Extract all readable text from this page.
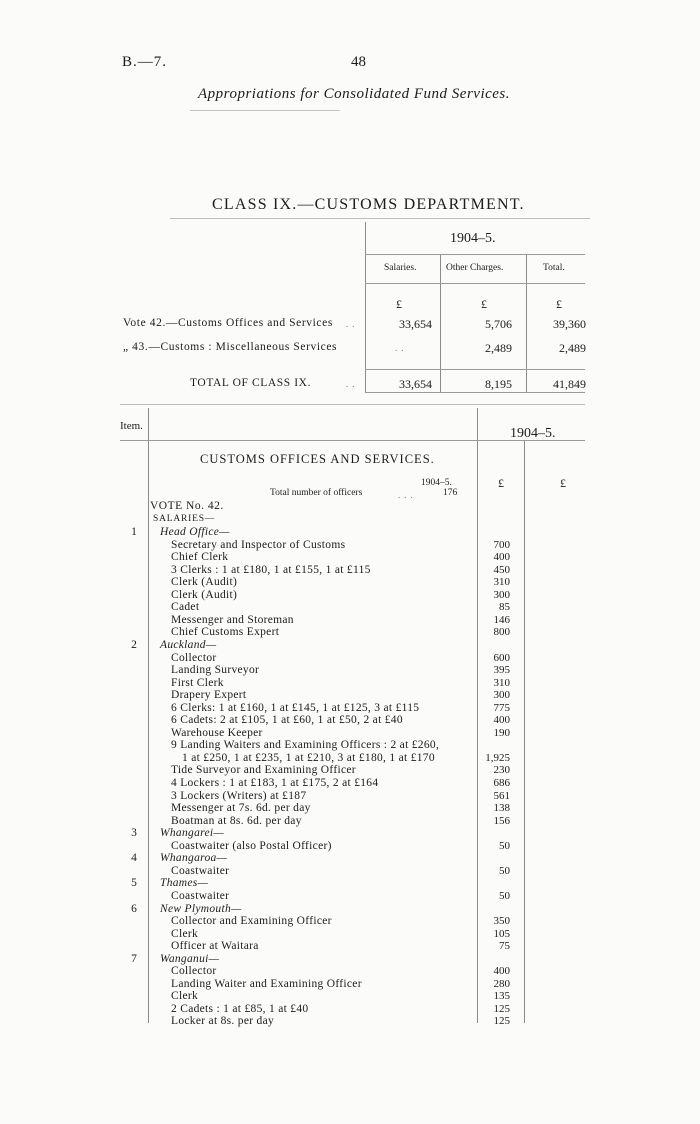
B.—7.	48
Appropriations for Consolidated Fund Services.
CLASS IX.—CUSTOMS DEPARTMENT.
1904–5.
Salaries.	Other Charges.	Total.
£	£	£
Vote 42.—Customs Offices and Services ..	33,654	5,706	39,360
„ 43.—Customs : Miscellaneous Services	..	2,489	2,489
TOTAL OF CLASS IX.	..	33,654	8,195	41,849
Item.	1904–5.
CUSTOMS OFFICES AND SERVICES.
1904–5.
Total number of officers	...	176
£	£
VOTE No. 42.
SALARIES—
1	Head Office—
Secretary and Inspector of Customs	700
Chief Clerk	400
3 Clerks : 1 at £180, 1 at £155, 1 at £115	450
Clerk (Audit)	310
Clerk (Audit)	300
Cadet	85
Messenger and Storeman	146
Chief Customs Expert	800
2	Auckland—
Collector	600
Landing Surveyor	395
First Clerk	310
Drapery Expert	300
6 Clerks: 1 at £160, 1 at £145, 1 at £125, 3 at £115	775
6 Cadets: 2 at £105, 1 at £60, 1 at £50, 2 at £40	400
Warehouse Keeper	190
9 Landing Waiters and Examining Officers : 2 at £260,
1 at £250, 1 at £235, 1 at £210, 3 at £180, 1 at £170	1,925
Tide Surveyor and Examining Officer	230
4 Lockers : 1 at £183, 1 at £175, 2 at £164	686
3 Lockers (Writers) at £187	561
Messenger at 7s. 6d. per day	138
Boatman at 8s. 6d. per day	156
3	Whangarei—
Coastwaiter (also Postal Officer)	50
4	Whangaroa—
Coastwaiter	50
5	Thames—
Coastwaiter	50
6	New Plymouth—
Collector and Examining Officer	350
Clerk	105
Officer at Waitara	75
7	Wanganui—
Collector	400
Landing Waiter and Examining Officer	280
Clerk	135
2 Cadets : 1 at £85, 1 at £40	125
Locker at 8s. per day	125
